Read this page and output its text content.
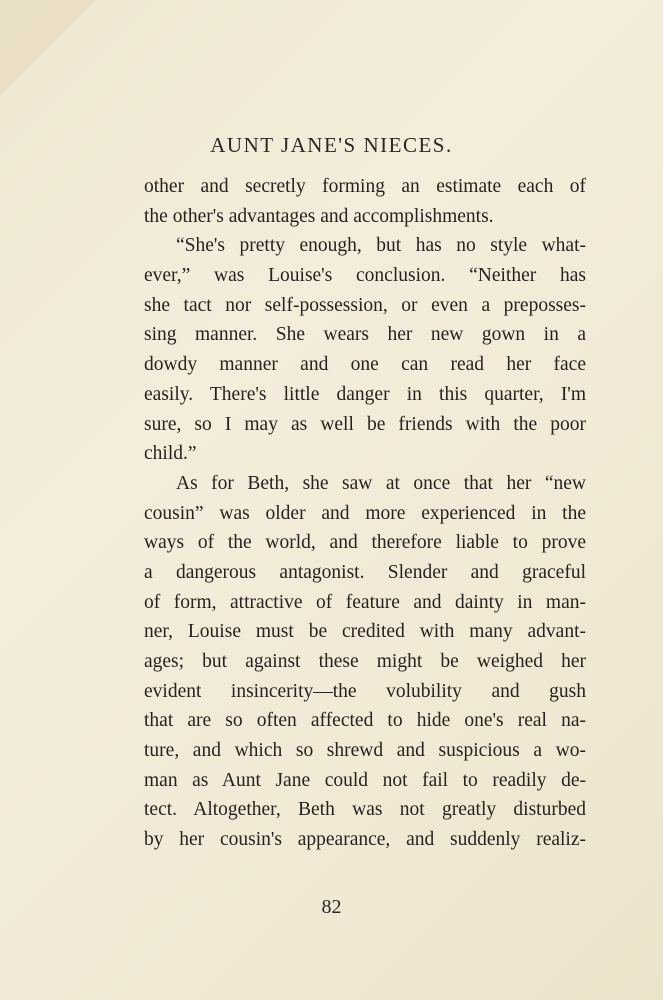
AUNT JANE'S NIECES.
other and secretly forming an estimate each of
the other's advantages and accomplishments.
“She's pretty enough, but has no style what-
ever,” was Louise's conclusion. “Neither has
she tact nor self-possession, or even a preposses-
sing manner. She wears her new gown in a
dowdy manner and one can read her face
easily. There's little danger in this quarter, I'm
sure, so I may as well be friends with the poor
child.”
As for Beth, she saw at once that her “new
cousin” was older and more experienced in the
ways of the world, and therefore liable to prove
a dangerous antagonist. Slender and graceful
of form, attractive of feature and dainty in man-
ner, Louise must be credited with many advant-
ages; but against these might be weighed her
evident insincerity—the volubility and gush
that are so often affected to hide one's real na-
ture, and which so shrewd and suspicious a wo-
man as Aunt Jane could not fail to readily de-
tect. Altogether, Beth was not greatly disturbed
by her cousin's appearance, and suddenly realiz-
82
